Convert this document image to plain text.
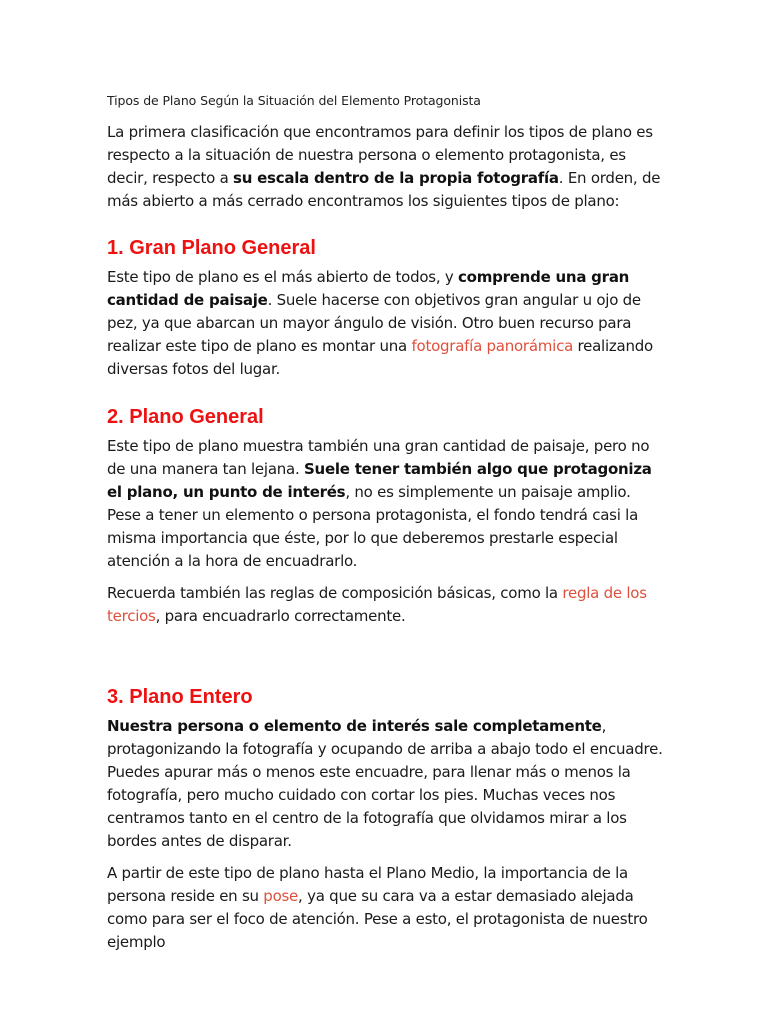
Tipos de Plano Según la Situación del Elemento Protagonista

La primera clasificación que encontramos para definir los tipos de plano es respecto a la situación de nuestra persona o elemento protagonista, es decir, respecto a su escala dentro de la propia fotografía. En orden, de más abierto a más cerrado encontramos los siguientes tipos de plano:

1. Gran Plano General

Este tipo de plano es el más abierto de todos, y comprende una gran cantidad de paisaje. Suele hacerse con objetivos gran angular u ojo de pez, ya que abarcan un mayor ángulo de visión. Otro buen recurso para realizar este tipo de plano es montar una fotografía panorámica realizando diversas fotos del lugar.

2. Plano General

Este tipo de plano muestra también una gran cantidad de paisaje, pero no de una manera tan lejana. Suele tener también algo que protagoniza el plano, un punto de interés, no es simplemente un paisaje amplio. Pese a tener un elemento o persona protagonista, el fondo tendrá casi la misma importancia que éste, por lo que deberemos prestarle especial atención a la hora de encuadrarlo.

Recuerda también las reglas de composición básicas, como la regla de los tercios, para encuadrarlo correctamente.

3. Plano Entero

Nuestra persona o elemento de interés sale completamente, protagonizando la fotografía y ocupando de arriba a abajo todo el encuadre. Puedes apurar más o menos este encuadre, para llenar más o menos la fotografía, pero mucho cuidado con cortar los pies. Muchas veces nos centramos tanto en el centro de la fotografía que olvidamos mirar a los bordes antes de disparar.

A partir de este tipo de plano hasta el Plano Medio, la importancia de la persona reside en su pose, ya que su cara va a estar demasiado alejada como para ser el foco de atención. Pese a esto, el protagonista de nuestro ejemplo
